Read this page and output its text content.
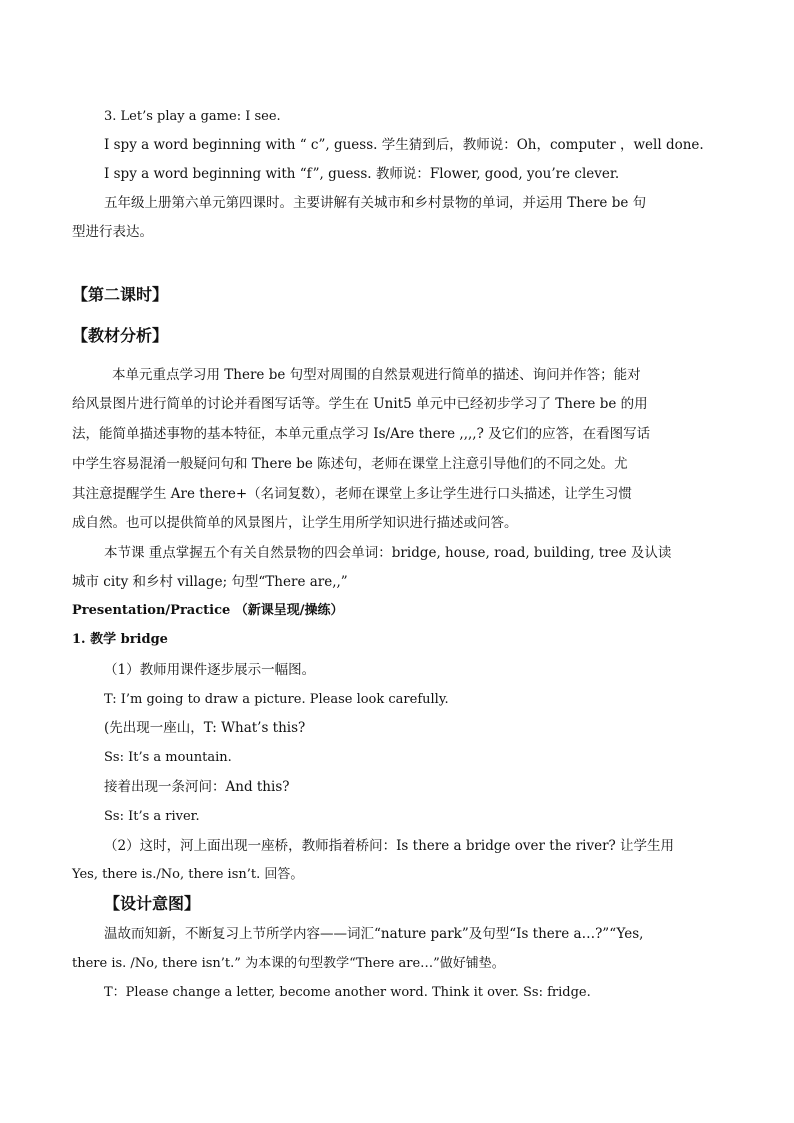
3. Let’s play a game: I see.
I spy a word beginning with “ c”, guess. 学生猜到后，教师说：Oh，computer ，well done.
I spy a word beginning with “f”, guess. 教师说：Flower, good, you’re clever.
五年级上册第六单元第四课时。主要讲解有关城市和乡村景物的单词，并运用 There be 句
型进行表达。
【第二课时】
【教材分析】
本单元重点学习用 There be 句型对周围的自然景观进行简单的描述、询问并作答；能对
给风景图片进行简单的讨论并看图写话等。学生在 Unit5 单元中已经初步学习了 There be 的用
法，能简单描述事物的基本特征，本单元重点学习 Is/Are there ,,,,? 及它们的应答，在看图写话
中学生容易混淆一般疑问句和 There be 陈述句，老师在课堂上注意引导他们的不同之处。尤
其注意提醒学生 Are there+（名词复数），老师在课堂上多让学生进行口头描述，让学生习惯
成自然。也可以提供简单的风景图片，让学生用所学知识进行描述或问答。
本节课 重点掌握五个有关自然景物的四会单词：bridge, house, road, building, tree 及认读
城市 city 和乡村 village; 句型“There are,,”
Presentation/Practice （新课呈现/操练）
1. 教学 bridge
（1）教师用课件逐步展示一幅图。
T: I’m going to draw a picture. Please look carefully.
(先出现一座山，T: What’s this?
Ss: It’s a mountain.
接着出现一条河问：And this?
Ss: It’s a river.
（2）这时，河上面出现一座桥，教师指着桥问：Is there a bridge over the river? 让学生用
Yes, there is./No, there isn’t. 回答。
【设计意图】
温故而知新，不断复习上节所学内容——词汇“nature park”及句型“Is there a…?”“Yes,
there is. /No, there isn’t.” 为本课的句型教学“There are…”做好铺垫。
T：Please change a letter, become another word. Think it over. Ss: fridge.
